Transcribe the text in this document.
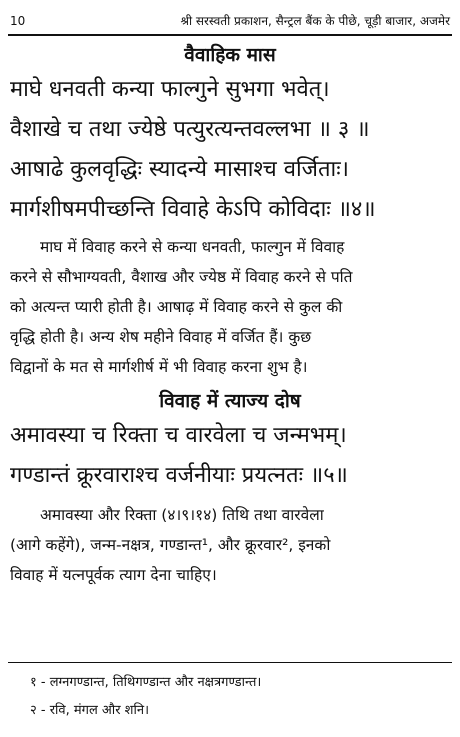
10	श्री सरस्वती प्रकाशन, सैन्ट्रल बैंक के पीछे, चूड़ी बाजार, अजमेर
वैवाहिक मास
माघे धनवती कन्या फाल्गुने सुभगा भवेत्।
वैशाखे च तथा ज्येष्ठे पत्युरत्यन्तवल्लभा ॥ ३ ॥
आषाढे कुलवृद्धिः स्यादन्ये मासाश्च वर्जिताः।
मार्गशीषमपीच्छन्ति विवाहे केऽपि कोविदाः ॥४॥
माघ में विवाह करने से कन्या धनवती, फाल्गुन में विवाह
करने से सौभाग्यवती, वैशाख और ज्येष्ठ में विवाह करने से पति
को अत्यन्त प्यारी होती है। आषाढ़ में विवाह करने से कुल की
वृद्धि होती है। अन्य शेष महीने विवाह में वर्जित हैं। कुछ
विद्वानों के मत से मार्गशीर्ष में भी विवाह करना शुभ है।
विवाह में त्याज्य दोष
अमावस्या च रिक्ता च वारवेला च जन्मभम्।
गण्डान्तं क्रूरवाराश्च वर्जनीयाः प्रयत्नतः ॥५॥
अमावस्या और रिक्ता (४।९।१४) तिथि तथा वारवेला
(आगे कहेंगे), जन्म-नक्षत्र, गण्डान्त¹, और क्रूरवार², इनको
विवाह में यत्नपूर्वक त्याग देना चाहिए।
१ - लग्नगण्डान्त, तिथिगण्डान्त और नक्षत्रगण्डान्त।
२ - रवि, मंगल और शनि।
